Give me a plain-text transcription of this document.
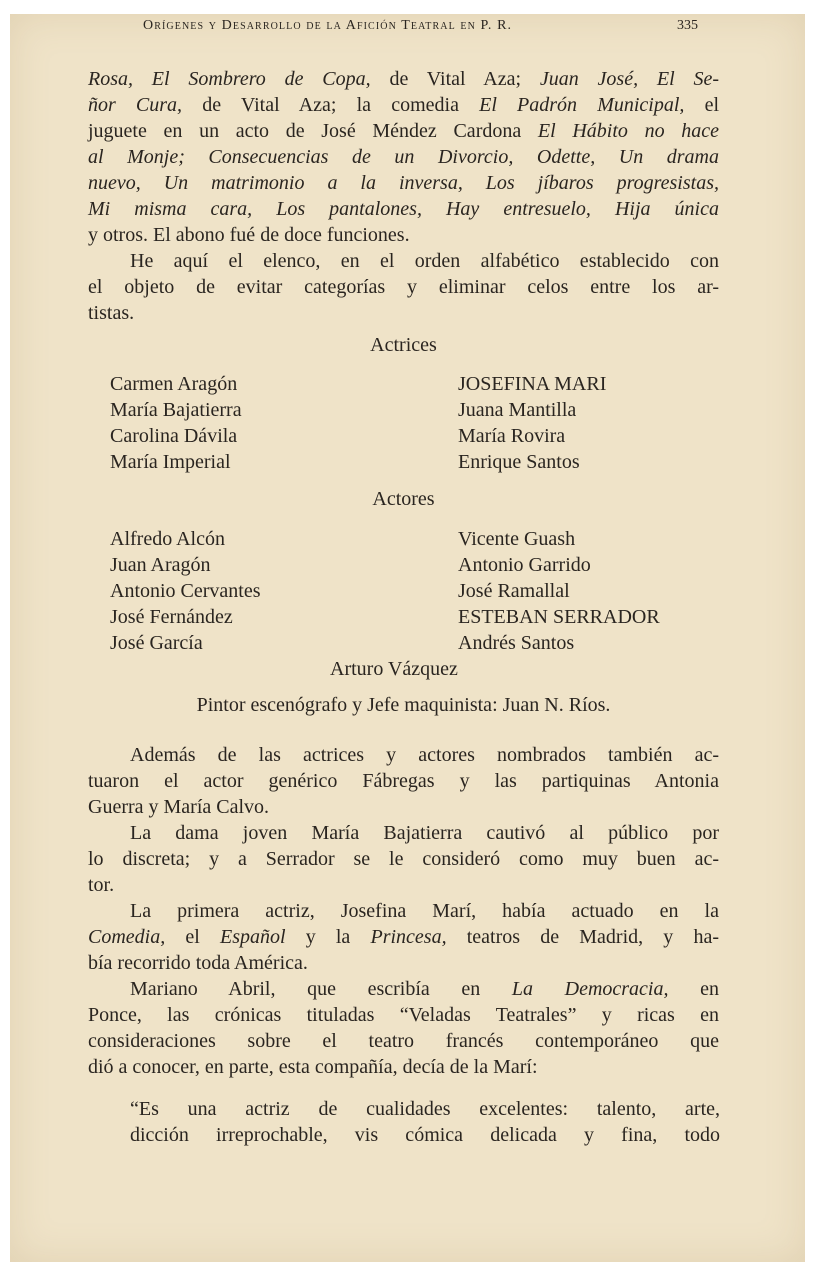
Orígenes y Desarrollo de la Afición Teatral en P. R.	335

Rosa, El Sombrero de Copa, de Vital Aza; Juan José, El Se-
ñor Cura, de Vital Aza; la comedia El Padrón Municipal, el
juguete en un acto de José Méndez Cardona El Hábito no hace
al Monje; Consecuencias de un Divorcio, Odette, Un drama
nuevo, Un matrimonio a la inversa, Los jíbaros progresistas,
Mi misma cara, Los pantalones, Hay entresuelo, Hija única
y otros. El abono fué de doce funciones.

He aquí el elenco, en el orden alfabético establecido con
el objeto de evitar categorías y eliminar celos entre los ar-
tistas.

Actrices

Carmen Aragón
María Bajatierra
Carolina Dávila
María Imperial
JOSEFINA MARI
Juana Mantilla
María Rovira
Enrique Santos

Actores

Alfredo Alcón
Juan Aragón
Antonio Cervantes
José Fernández
José García
Vicente Guash
Antonio Garrido
José Ramallal
ESTEBAN SERRADOR
Andrés Santos

Arturo Vázquez

Pintor escenógrafo y Jefe maquinista: Juan N. Ríos.

Además de las actrices y actores nombrados también ac-
tuaron el actor genérico Fábregas y las partiquinas Antonia
Guerra y María Calvo.

La dama joven María Bajatierra cautivó al público por
lo discreta; y a Serrador se le consideró como muy buen ac-
tor.

La primera actriz, Josefina Marí, había actuado en la
Comedia, el Español y la Princesa, teatros de Madrid, y ha-
bía recorrido toda América.

Mariano Abril, que escribía en La Democracia, en
Ponce, las crónicas tituladas “Veladas Teatrales” y ricas en
consideraciones sobre el teatro francés contemporáneo que
dió a conocer, en parte, esta compañía, decía de la Marí:

“Es una actriz de cualidades excelentes: talento, arte,
dicción irreprochable, vis cómica delicada y fina, todo
